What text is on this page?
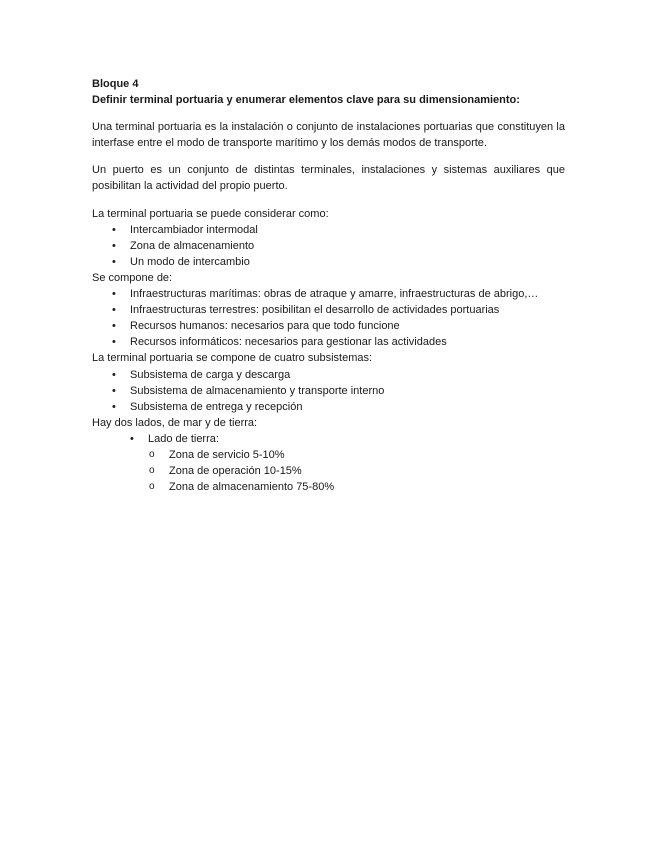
Bloque 4

Definir terminal portuaria y enumerar elementos clave para su dimensionamiento:

Una terminal portuaria es la instalación o conjunto de instalaciones portuarias que constituyen la interfase entre el modo de transporte marítimo y los demás modos de transporte.

Un puerto es un conjunto de distintas terminales, instalaciones y sistemas auxiliares que posibilitan la actividad del propio puerto.

La terminal portuaria se puede considerar como:

• Intercambiador intermodal
• Zona de almacenamiento
• Un modo de intercambio

Se compone de:

• Infraestructuras marítimas: obras de atraque y amarre, infraestructuras de abrigo,…
• Infraestructuras terrestres: posibilitan el desarrollo de actividades portuarias
• Recursos humanos: necesarios para que todo funcione
• Recursos informáticos: necesarios para gestionar las actividades

La terminal portuaria se compone de cuatro subsistemas:

• Subsistema de carga y descarga
• Subsistema de almacenamiento y transporte interno
• Subsistema de entrega y recepción

Hay dos lados, de mar y de tierra:

• Lado de tierra:
o Zona de servicio 5-10%
o Zona de operación 10-15%
o Zona de almacenamiento 75-80%
